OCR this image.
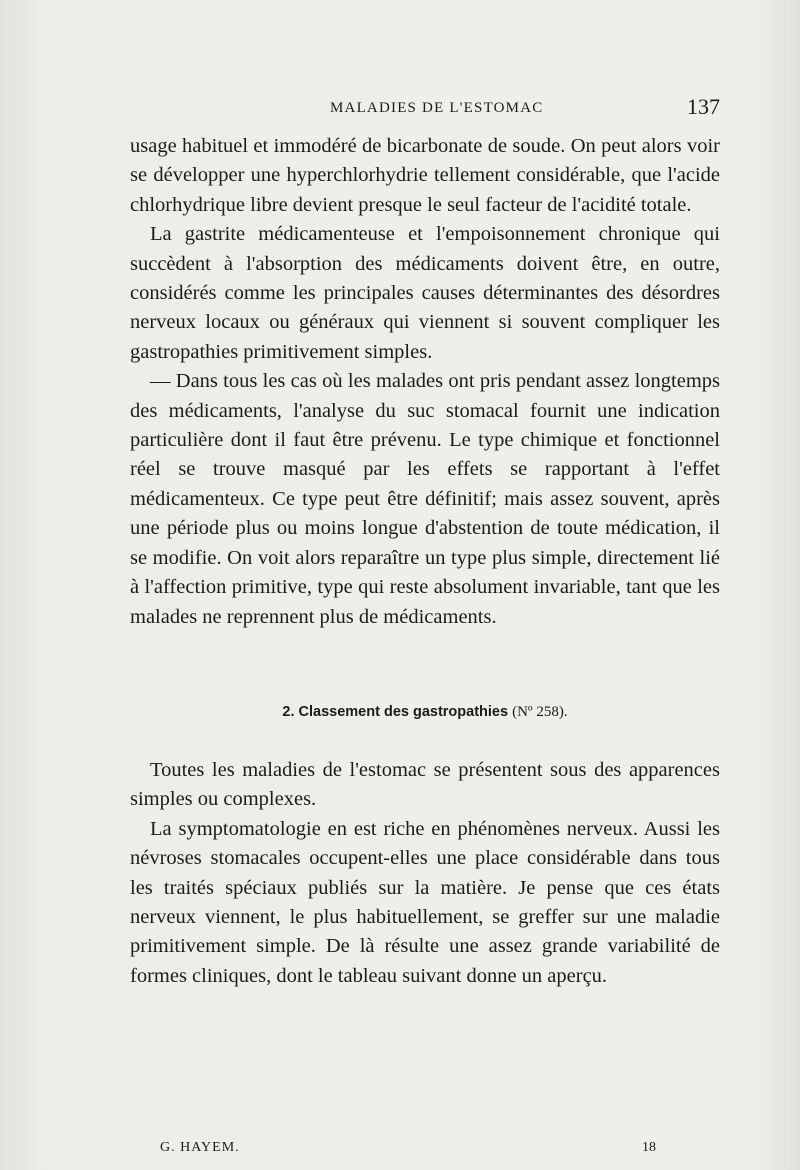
MALADIES DE L'ESTOMAC	137

usage habituel et immodéré de bicarbonate de soude. On peut alors voir se développer une hyperchlorhydrie tellement considérable, que l'acide chlorhydrique libre devient presque le seul facteur de l'acidité totale.

La gastrite médicamenteuse et l'empoisonnement chronique qui succèdent à l'absorption des médicaments doivent être, en outre, considérés comme les principales causes déterminantes des désordres nerveux locaux ou généraux qui viennent si souvent compliquer les gastropathies primitivement simples.

— Dans tous les cas où les malades ont pris pendant assez longtemps des médicaments, l'analyse du suc stomacal fournit une indication particulière dont il faut être prévenu. Le type chimique et fonctionnel réel se trouve masqué par les effets se rapportant à l'effet médicamenteux. Ce type peut être définitif; mais assez souvent, après une période plus ou moins longue d'abstention de toute médication, il se modifie. On voit alors reparaître un type plus simple, directement lié à l'affection primitive, type qui reste absolument invariable, tant que les malades ne reprennent plus de médicaments.

2. Classement des gastropathies (Nº 258).

Toutes les maladies de l'estomac se présentent sous des apparences simples ou complexes.

La symptomatologie en est riche en phénomènes nerveux. Aussi les névroses stomacales occupent-elles une place considérable dans tous les traités spéciaux publiés sur la matière. Je pense que ces états nerveux viennent, le plus habituellement, se greffer sur une maladie primitivement simple. De là résulte une assez grande variabilité de formes cliniques, dont le tableau suivant donne un aperçu.

G. HAYEM.	18
